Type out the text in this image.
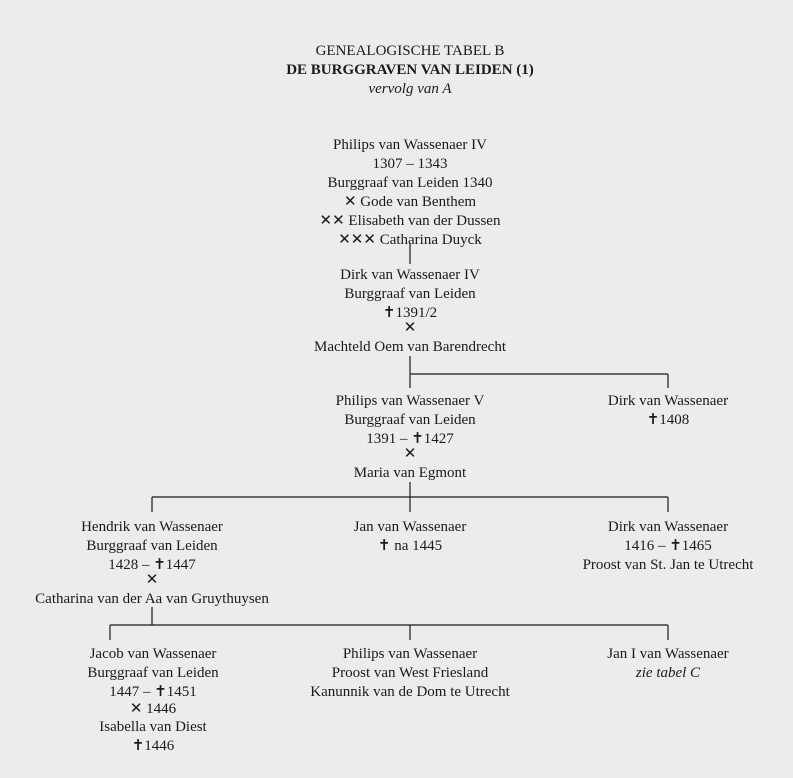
GENEALOGISCHE TABEL B
DE BURGGRAVEN VAN LEIDEN (1)
vervolg van A
Philips van Wassenaer IV
1307 – 1343
Burggraaf van Leiden 1340
✕ Gode van Benthem
✕✕ Elisabeth van der Dussen
✕✕✕ Catharina Duyck
Dirk van Wassenaer IV
Burggraaf van Leiden
✝1391/2
✕
Machteld Oem van Barendrecht
Philips van Wassenaer V
Burggraaf van Leiden
1391 – ✝1427
✕
Maria van Egmont
Dirk van Wassenaer
✝1408
Hendrik van Wassenaer
Burggraaf van Leiden
1428 – ✝1447
✕
Catharina van der Aa van Gruythuysen
Jan van Wassenaer
✝ na 1445
Dirk van Wassenaer
1416 – ✝1465
Proost van St. Jan te Utrecht
Jacob van Wassenaer
Burggraaf van Leiden
1447 – ✝1451
✕ 1446
Isabella van Diest
✝1446
Philips van Wassenaer
Proost van West Friesland
Kanunnik van de Dom te Utrecht
Jan I van Wassenaer
zie tabel C
